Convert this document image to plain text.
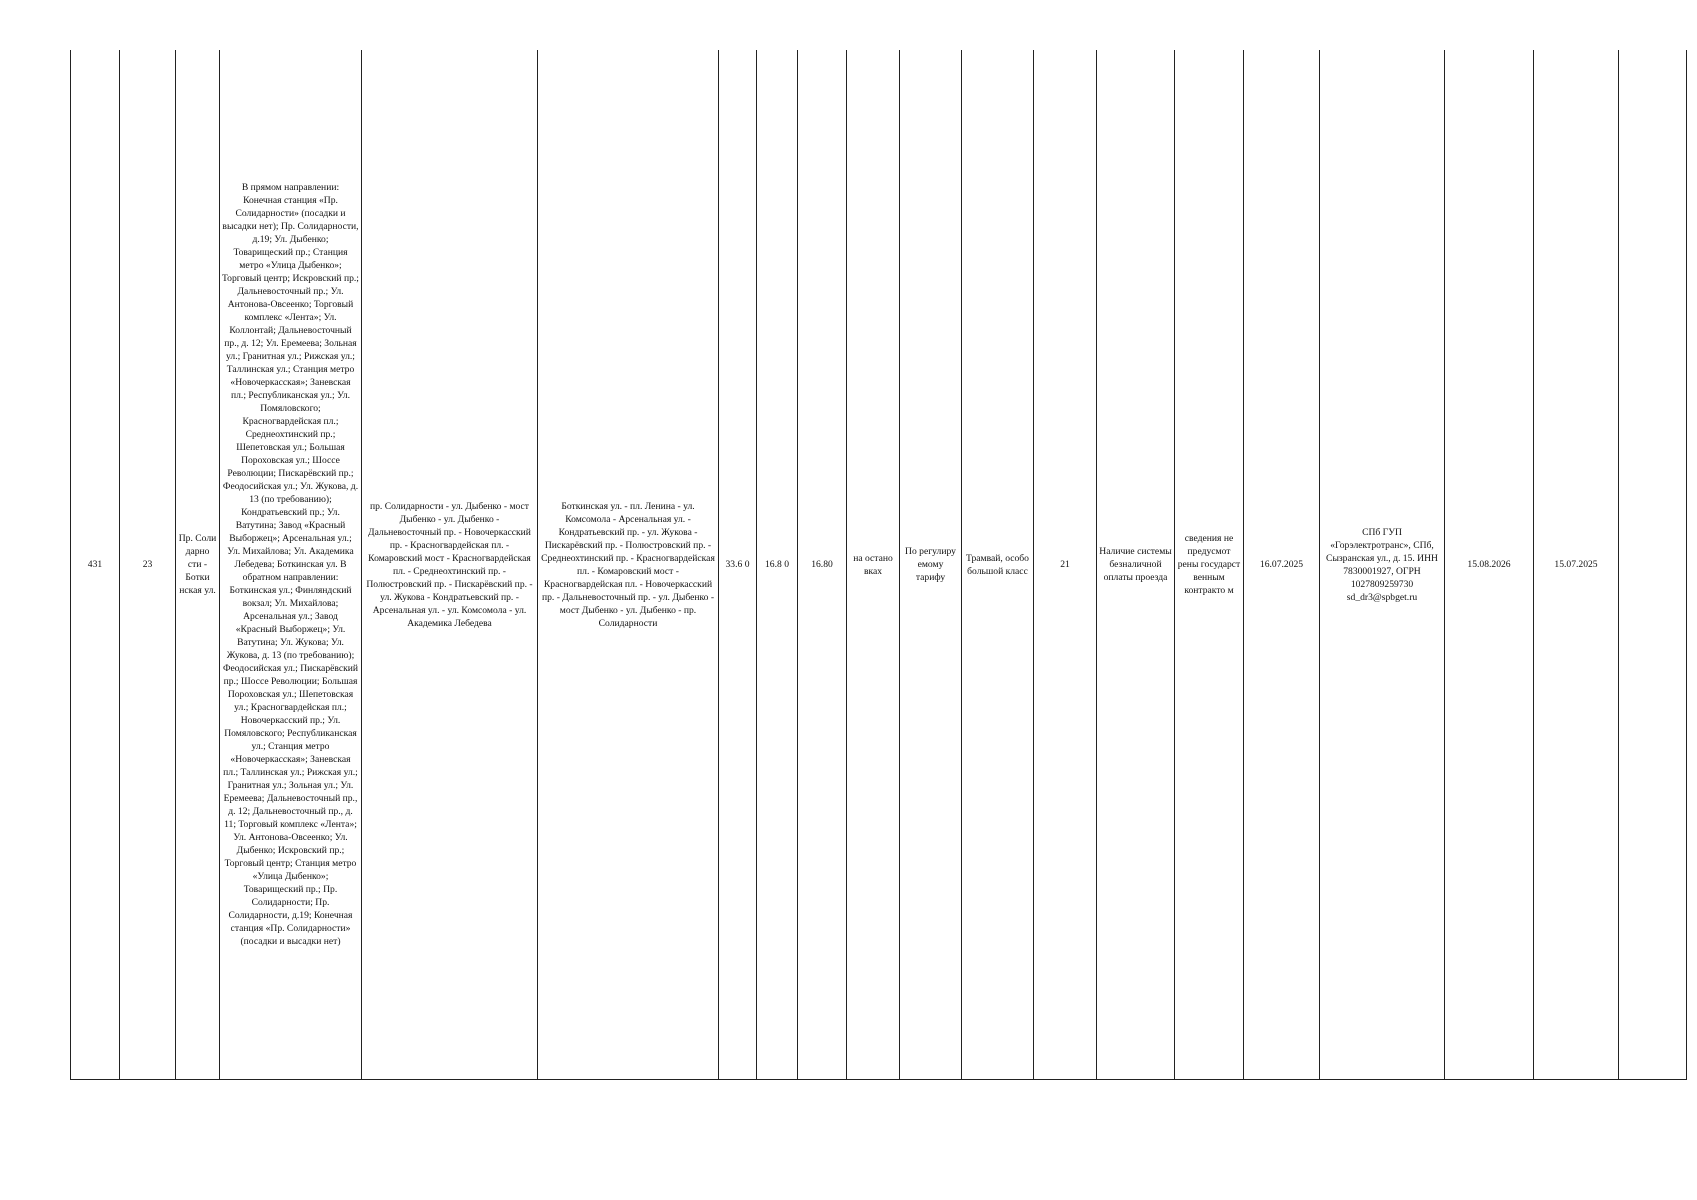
431	23	Пр. Соли дарно сти - Ботки нская ул.	В прямом направлении: Конечная станция «Пр. Солидарности» (посадки и высадки нет); Пр. Солидарности, д.19; Ул. Дыбенко; Товарищеский пр.; Станция метро «Улица Дыбенко»; Торговый центр; Искровский пр.; Дальневосточный пр.; Ул. Антонова-Овсеенко; Торговый комплекс «Лента»; Ул. Коллонтай; Дальневосточный пр., д. 12; Ул. Еремеева; Зольная ул.; Гранитная ул.; Рижская ул.; Таллинская ул.; Станция метро «Новочеркасская»; Заневская пл.; Республиканская ул.; Ул. Помяловского; Красногвардейская пл.; Среднеохтинский пр.; Шепетовская ул.; Большая Пороховская ул.; Шоссе Революции; Пискарёвский пр.; Феодосийская ул.; Ул. Жукова, д. 13 (по требованию); Кондратьевский пр.; Ул. Ватутина; Завод «Красный Выборжец»; Арсенальная ул.; Ул. Михайлова; Ул. Академика Лебедева; Боткинская ул. В обратном направлении: Боткинская ул.; Финляндский вокзал; Ул. Михайлова; Арсенальная ул.; Завод «Красный Выборжец»; Ул. Ватутина; Ул. Жукова; Ул. Жукова, д. 13 (по требованию); Феодосийская ул.; Пискарёвский пр.; Шоссе Революции; Большая Пороховская ул.; Шепетовская ул.; Красногвардейская пл.; Новочеркасский пр.; Ул. Помяловского; Республиканская ул.; Станция метро «Новочеркасская»; Заневская пл.; Таллинская ул.; Рижская ул.; Гранитная ул.; Зольная ул.; Ул. Еремеева; Дальневосточный пр., д. 12; Дальневосточный пр., д. 11; Торговый комплекс «Лента»; Ул. Антонова-Овсеенко; Ул. Дыбенко; Искровский пр.; Торговый центр; Станция метро «Улица Дыбенко»; Товарищеский пр.; Пр. Солидарности; Пр. Солидарности, д.19; Конечная станция «Пр. Солидарности» (посадки и высадки нет)	пр. Солидарности - ул. Дыбенко - мост Дыбенко - ул. Дыбенко - Дальневосточный пр. - Новочеркасский пр. - Красногвардейская пл. - Комаровский мост - Красногвардейская пл. - Среднеохтинский пр. - Полюстровский пр. - Пискарёвский пр. - ул. Жукова - Кондратьевский пр. - Арсенальная ул. - ул. Комсомола - ул. Академика Лебедева	Боткинская ул. - пл. Ленина - ул. Комсомола - Арсенальная ул. - Кондратьевский пр. - ул. Жукова - Пискарёвский пр. - Полюстровский пр. - Среднеохтинский пр. - Красногвардейская пл. - Комаровский мост - Красногвардейская пл. - Новочеркасский пр. - Дальневосточный пр. - ул. Дыбенко - мост Дыбенко - ул. Дыбенко - пр. Солидарности	33.6 0	16.8 0	16.80	на остано вках	По регулиру емому тарифу	Трамвай, особо большой класс	21	Наличие системы безналичной оплаты проезда	сведения не предусмот рены государст венным контракто м	16.07.2025	СПб ГУП «Горэлектротранс», СПб, Сызранская ул., д. 15. ИНН 7830001927, ОГРН 1027809259730 sd_dr3@spbget.ru	15.08.2026	15.07.2025	
